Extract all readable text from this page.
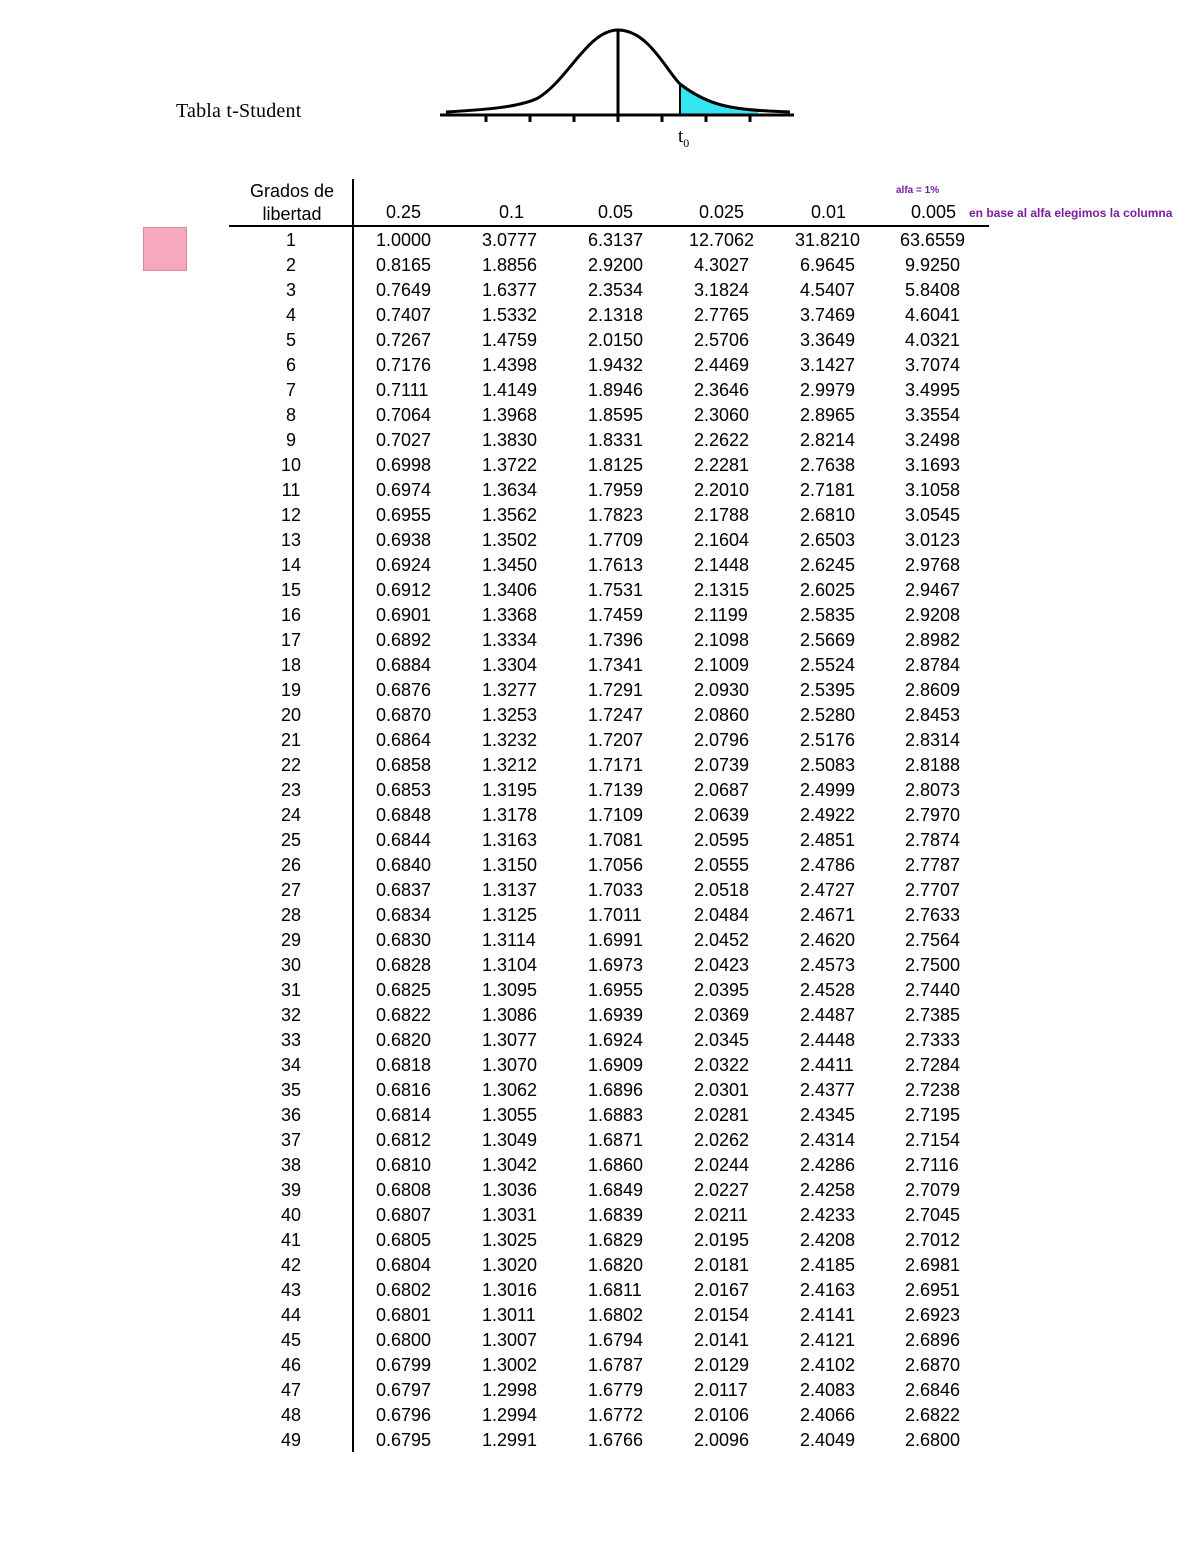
Tabla t-Student
$t_0$
alfa = 1%
en base al alfa elegimos la columna
Grados de
libertad	0.25	0.1	0.05	0.025	0.01	0.005
1	1.0000	3.0777	6.3137	12.7062 31.8210 63.6559
2	0.8165	1.8856	2.9200	4.3027	6.9645	9.9250
3	0.7649	1.6377	2.3534	3.1824	4.5407	5.8408
4	0.7407	1.5332	2.1318	2.7765	3.7469	4.6041
5	0.7267	1.4759	2.0150	2.5706	3.3649	4.0321
6	0.7176	1.4398	1.9432	2.4469	3.1427	3.7074
7	0.7111	1.4149	1.8946	2.3646	2.9979	3.4995
8	0.7064	1.3968	1.8595	2.3060	2.8965	3.3554
9	0.7027	1.3830	1.8331	2.2622	2.8214	3.2498
10	0.6998	1.3722	1.8125	2.2281	2.7638	3.1693
11	0.6974	1.3634	1.7959	2.2010	2.7181	3.1058
12	0.6955	1.3562	1.7823	2.1788	2.6810	3.0545
13	0.6938	1.3502	1.7709	2.1604	2.6503	3.0123
14	0.6924	1.3450	1.7613	2.1448	2.6245	2.9768
15	0.6912	1.3406	1.7531	2.1315	2.6025	2.9467
16	0.6901	1.3368	1.7459	2.1199	2.5835	2.9208
17	0.6892	1.3334	1.7396	2.1098	2.5669	2.8982
18	0.6884	1.3304	1.7341	2.1009	2.5524	2.8784
19	0.6876	1.3277	1.7291	2.0930	2.5395	2.8609
20	0.6870	1.3253	1.7247	2.0860	2.5280	2.8453
21	0.6864	1.3232	1.7207	2.0796	2.5176	2.8314
22	0.6858	1.3212	1.7171	2.0739	2.5083	2.8188
23	0.6853	1.3195	1.7139	2.0687	2.4999	2.8073
24	0.6848	1.3178	1.7109	2.0639	2.4922	2.7970
25	0.6844	1.3163	1.7081	2.0595	2.4851	2.7874
26	0.6840	1.3150	1.7056	2.0555	2.4786	2.7787
27	0.6837	1.3137	1.7033	2.0518	2.4727	2.7707
28	0.6834	1.3125	1.7011	2.0484	2.4671	2.7633
29	0.6830	1.3114	1.6991	2.0452	2.4620	2.7564
30	0.6828	1.3104	1.6973	2.0423	2.4573	2.7500
31	0.6825	1.3095	1.6955	2.0395	2.4528	2.7440
32	0.6822	1.3086	1.6939	2.0369	2.4487	2.7385
33	0.6820	1.3077	1.6924	2.0345	2.4448	2.7333
34	0.6818	1.3070	1.6909	2.0322	2.4411	2.7284
35	0.6816	1.3062	1.6896	2.0301	2.4377	2.7238
36	0.6814	1.3055	1.6883	2.0281	2.4345	2.7195
37	0.6812	1.3049	1.6871	2.0262	2.4314	2.7154
38	0.6810	1.3042	1.6860	2.0244	2.4286	2.7116
39	0.6808	1.3036	1.6849	2.0227	2.4258	2.7079
40	0.6807	1.3031	1.6839	2.0211	2.4233	2.7045
41	0.6805	1.3025	1.6829	2.0195	2.4208	2.7012
42	0.6804	1.3020	1.6820	2.0181	2.4185	2.6981
43	0.6802	1.3016	1.6811	2.0167	2.4163	2.6951
44	0.6801	1.3011	1.6802	2.0154	2.4141	2.6923
45	0.6800	1.3007	1.6794	2.0141	2.4121	2.6896
46	0.6799	1.3002	1.6787	2.0129	2.4102	2.6870
47	0.6797	1.2998	1.6779	2.0117	2.4083	2.6846
48	0.6796	1.2994	1.6772	2.0106	2.4066	2.6822
49	0.6795	1.2991	1.6766	2.0096	2.4049	2.6800
